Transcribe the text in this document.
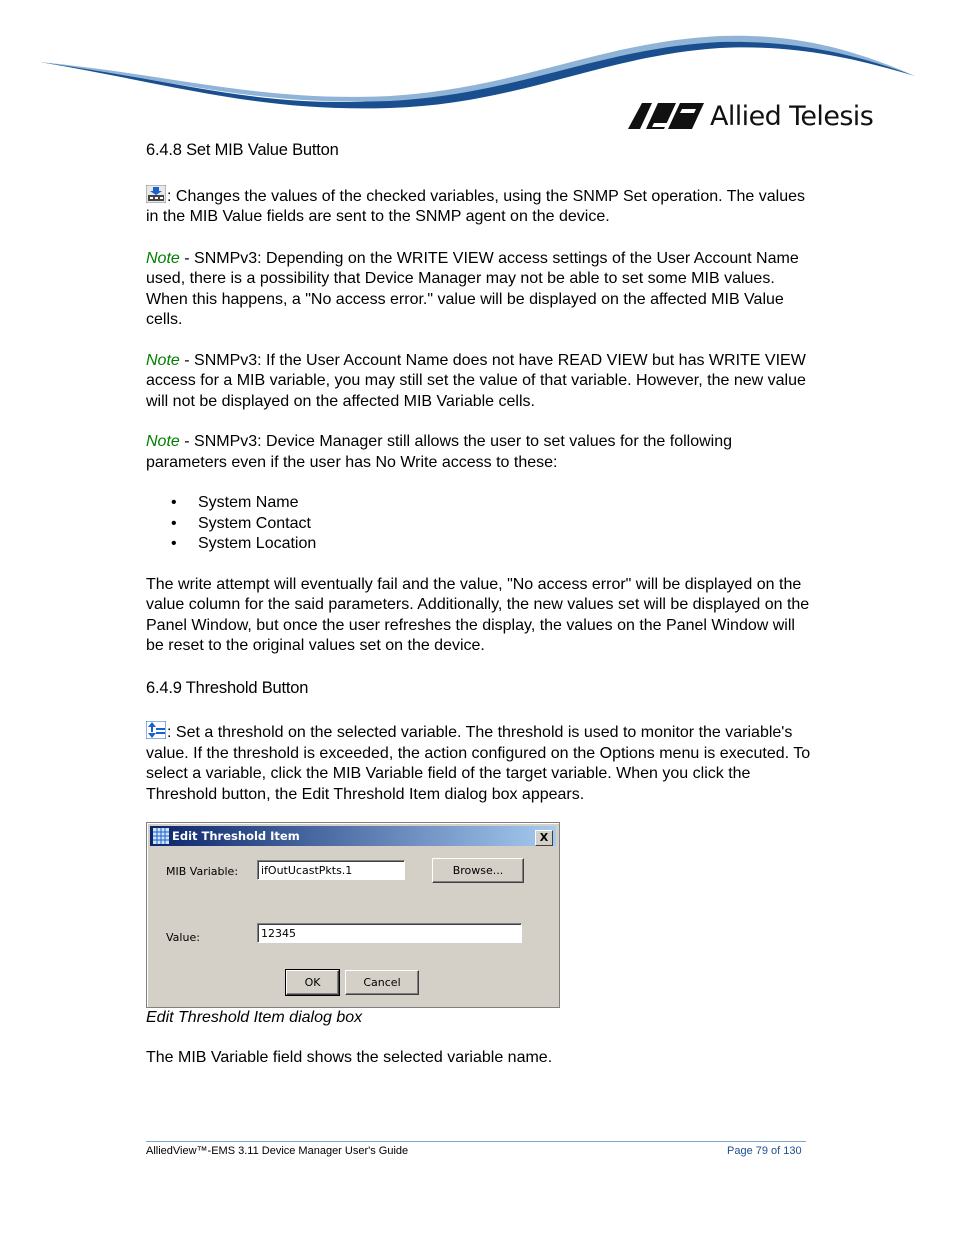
Allied Telesis
6.4.8 Set MIB Value Button

: Changes the values of the checked variables, using the SNMP Set operation. The values in the MIB Value fields are sent to the SNMP agent on the device.

Note - SNMPv3: Depending on the WRITE VIEW access settings of the User Account Name used, there is a possibility that Device Manager may not be able to set some MIB values. When this happens, a "No access error." value will be displayed on the affected MIB Value cells.

Note - SNMPv3: If the User Account Name does not have READ VIEW but has WRITE VIEW access for a MIB variable, you may still set the value of that variable. However, the new value will not be displayed on the affected MIB Variable cells.

Note - SNMPv3: Device Manager still allows the user to set values for the following parameters even if the user has No Write access to these:

• System Name
• System Contact
• System Location

The write attempt will eventually fail and the value, "No access error" will be displayed on the value column for the said parameters. Additionally, the new values set will be displayed on the Panel Window, but once the user refreshes the display, the values on the Panel Window will be reset to the original values set on the device.

6.4.9 Threshold Button

: Set a threshold on the selected variable. The threshold is used to monitor the variable's value. If the threshold is exceeded, the action configured on the Options menu is executed. To select a variable, click the MIB Variable field of the target variable. When you click the Threshold button, the Edit Threshold Item dialog box appears.

Edit Threshold Item	X
MIB Variable:	ifOutUcastPkts.1	Browse...
Value:	12345
OK	Cancel
Edit Threshold Item dialog box
The MIB Variable field shows the selected variable name.
AlliedView™-EMS 3.11 Device Manager User's Guide	Page 79 of 130
